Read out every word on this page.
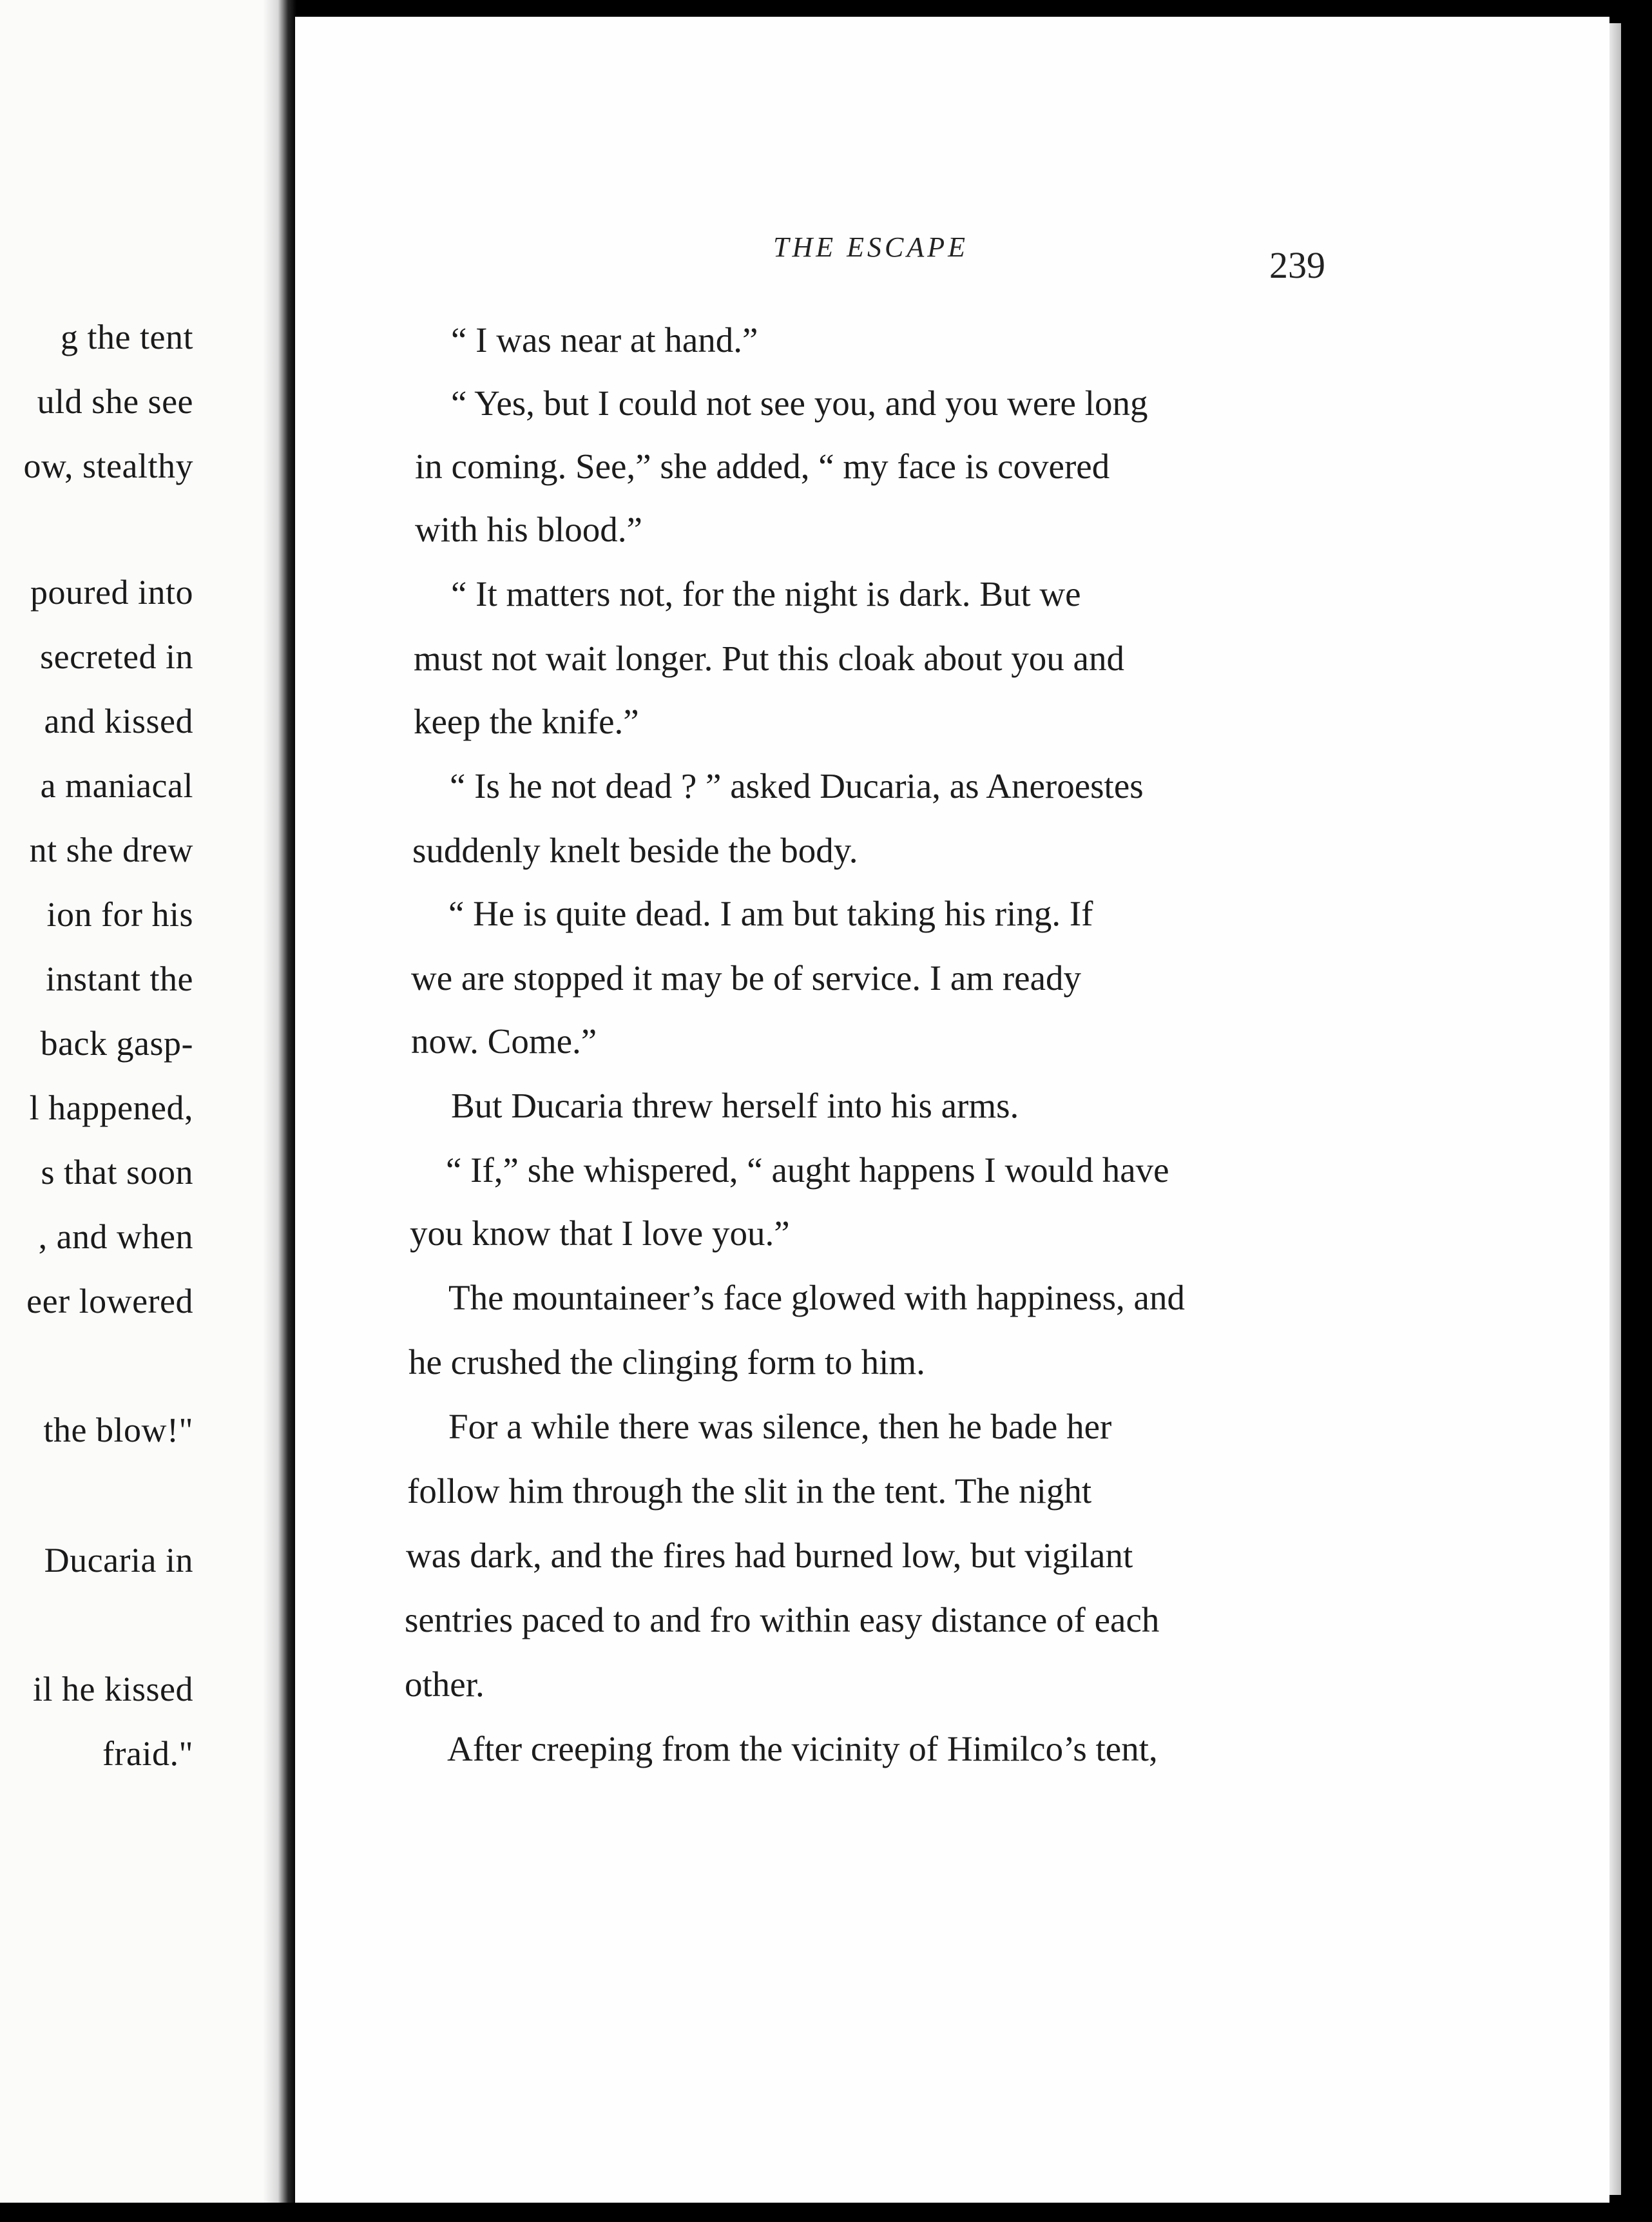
g the tent
uld she see
ow, stealthy
poured into
secreted in
and kissed
a maniacal
nt she drew
ion for his
instant the
back gasp-
l happened,
s that soon
, and when
eer lowered
the blow!"
Ducaria in
il he kissed
fraid."
THE ESCAPE	239
“ I was near at hand.”
“ Yes, but I could not see you, and you were long
in coming. See,” she added, “ my face is covered
with his blood.”
“ It matters not, for the night is dark. But we
must not wait longer. Put this cloak about you and
keep the knife.”
“ Is he not dead ? ” asked Ducaria, as Aneroestes
suddenly knelt beside the body.
“ He is quite dead. I am but taking his ring. If
we are stopped it may be of service. I am ready
now. Come.”
But Ducaria threw herself into his arms.
“ If,” she whispered, “ aught happens I would have
you know that I love you.”
The mountaineer’s face glowed with happiness, and
he crushed the clinging form to him.
For a while there was silence, then he bade her
follow him through the slit in the tent. The night
was dark, and the fires had burned low, but vigilant
sentries paced to and fro within easy distance of each
other.
After creeping from the vicinity of Himilco’s tent,
